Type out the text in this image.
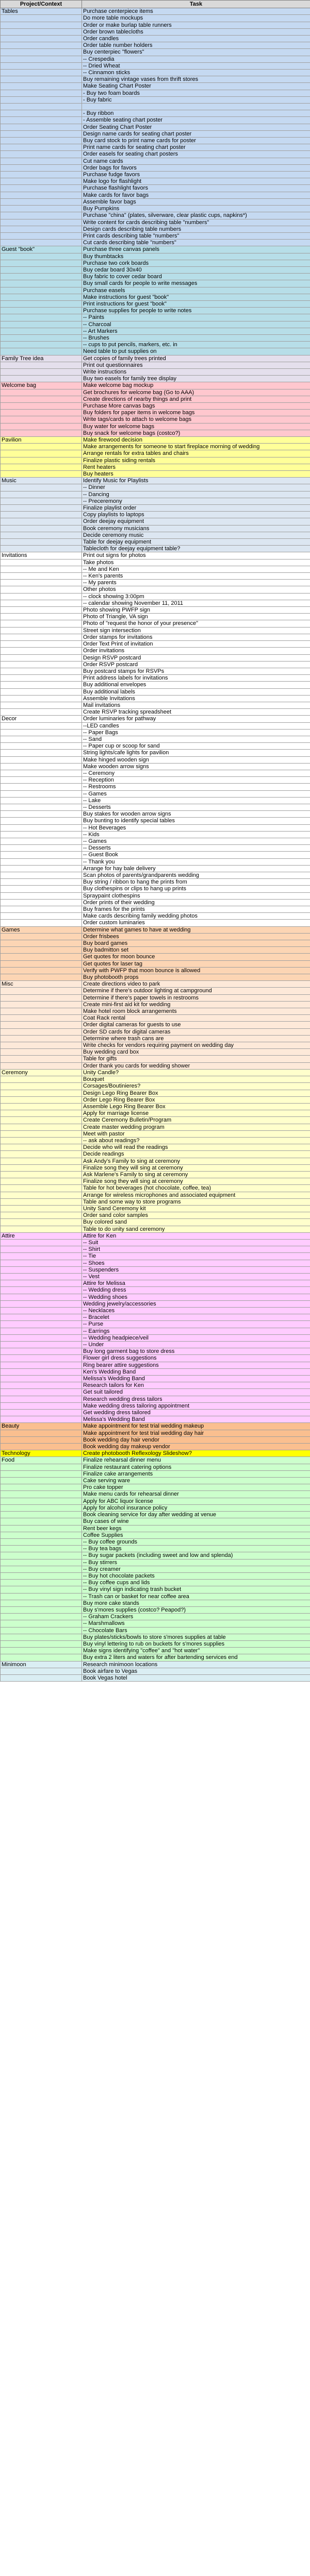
Project/Context	Task
Tables	Purchase centerpiece items
	Do more table mockups
	Order or make burlap table runners
	Order brown tablecloths
	Order candles
	Order table number holders
	Buy centerpiec "flowers"
	-- Crespedia
	-- Dried Wheat
	-- Cinnamon sticks
	Buy remaining vintage vases from thrift stores
	Make Seating Chart Poster
	- Buy two foam boards
	- Buy fabric

	- Buy ribbon
	- Assemble seating chart poster
	Order Seating Chart Poster
	Design name cards for seating chart poster
	Buy card stock to print name cards for poster
	Print name cards for seating chart poster
	Order easels for seating chart posters
	Cut name cards
	Order bags for favors
	Purchase fudge favors
	Make logo for flashlight
	Purchase flashlight favors
	Make cards for favor bags
	Assemble favor bags
	Buy Pumpkins
	Purchase "china" (plates, silverware, clear plastic cups, napkins*)
	Write content for cards describing table "numbers"
	Design cards describing table numbers
	Print cards describing table "numbers"
	Cut cards describing table "numbers"
Guest "book"	Purchase three canvas panels
	Buy thumbtacks
	Purchase two cork boards
	Buy cedar board 30x40
	Buy fabric to cover cedar board
	Buy small cards for people to write messages
	Purchase easels
	Make instructions for guest "book"
	Print instructions for guest "book"
	Purchase supplies for people to write notes
	-- Paints
	-- Charcoal
	-- Art Markers
	-- Brushes
	-- cups to put pencils, markers, etc. in
	Need table to put supplies on
Family Tree idea	Get copies of family trees printed
	Print out questionnaires
	Write instructions
	Buy two easels for family tree display
Welcome bag	Make welcome bag mockup
	Get brochures for welcome bag (Go to AAA)
	Create directions of nearby things and print
	Purchase More canvas bags
	Buy folders for paper items in welcome bags
	Write tags/cards to attach to welcome bags
	Buy water for welcome bags
	Buy snack for welcome bags (costco?)
Pavilion	Make firewood decision
	Make arrangements for someone to start fireplace morning of wedding
	Arrange rentals for extra tables and chairs
	Finalize plastic siding rentals
	Rent heaters
	Buy heaters
Music	Identify Music for Playlists
	-- Dinner
	-- Dancing
	-- Preceremony
	Finalize playlist order
	Copy playlists to laptops
	Order deejay equipment
	Book ceremony musicians
	Decide ceremony music
	Table for deejay equipment
	Tablecloth for deejay equipment table?
Invitations	Print out signs for photos
	Take photos
	-- Me and Ken
	-- Ken's parents
	-- My parents
	Other photos
	-- clock showing 3:00pm
	-- calendar showing November 11, 2011
	Photo showing PWFP sign
	Photo of Triangle, VA sign
	Photo of "request the honor of your presence"
	Street sign intersection
	Order stamps for invitations
	Order Text Print of invitation
	Order invitations
	Design RSVP postcard
	Order RSVP postcard
	Buy postcard stamps for RSVPs
	Print address labels for invitations
	Buy additional envelopes
	Buy additional labels
	Assemble Invitations
	Mail invitations
	Create RSVP tracking spreadsheet
Decor	Order luminaries for pathway
	--LED candles
	-- Paper Bags
	-- Sand
	-- Paper cup or scoop for sand
	String lights/cafe lights for pavilion
	Make hinged wooden sign
	Make wooden arrow signs
	-- Ceremony
	-- Reception
	-- Restrooms
	-- Games
	-- Lake
	-- Desserts
	Buy stakes for wooden arrow signs
	Buy bunting to identify special tables
	-- Hot Beverages
	-- Kids
	-- Games
	-- Desserts
	-- Guest Book
	-- Thank you
	Arrange for hay bale delivery
	Scan photos of parents/grandparents wedding
	Buy string / ribbon to hang the prints from
	Buy clothespins or clips to hang up prints
	Spraypaint clothespins
	Order prints of their wedding
	Buy frames for the prints
	Make cards describing family wedding photos
	Order custom luminaries
Games	Determine what games to have at wedding
	Order frisbees
	Buy board games
	Buy badmitton set
	Get quotes for moon bounce
	Get quotes for laser tag
	Verify with PWFP that moon bounce is allowed
	Buy photobooth props
Misc	Create directions video to park
	Determine if there's outdoor lighting at campground
	Determine if there's paper towels in restrooms
	Create mini-first aid kit for wedding
	Make hotel room block arrangements
	Coat Rack rental
	Order digital cameras for guests to use
	Order SD cards for digital cameras
	Determine where trash cans are
	Write checks for vendors requiring payment on wedding day
	Buy wedding card box
	Table for gifts
	Order thank you cards for wedding shower
Ceremony	Unity Candle?
	Bouquet
	Corsages/Boutinieres?
	Design Lego Ring Bearer Box
	Order Lego Ring Bearer Box
	Assemble Lego Ring Bearer Box
	Apply for marriage license
	Create Ceremony Bulletin/Program
	Create master wedding program
	Meet with pastor
	-- ask about readings?
	Decide who will read the readings
	Decide readings
	Ask Andy's Family to sing at ceremony
	Finalize song they will sing at ceremony
	Ask Marlene's Family to sing at ceremony
	Finalize song they will sing at ceremony
	Table for hot beverages (hot chocolate, coffee, tea)
	Arrange for wireless microphones and associated equipment
	Table and some way to store programs
	Unity Sand Ceremony kit
	Order sand color samples
	Buy colored sand
	Table to do unity sand ceremony
Attire	Attire for Ken
	-- Suit
	-- Shirt
	-- Tie
	-- Shoes
	-- Suspenders
	-- Vest
	Attire for Melissa
	-- Wedding dress
	-- Wedding shoes
	Wedding jewelry/accessories
	-- Necklaces
	-- Bracelet
	-- Purse
	-- Earrings
	-- Wedding headpiece/veil
	-- Under
	Buy long garment bag to store dress
	Flower girl dress suggestions
	Ring bearer attire suggestions
	Ken's Wedding Band
	Melissa's Wedding Band
	Research tailors for Ken
	Get suit tailored
	Research wedding dress tailors
	Make wedding dress tailoring appointment
	Get wedding dress tailored
	Melissa's Wedding Band
Beauty	Make appointment for test trial wedding makeup
	Make appointment for test trial wedding day hair
	Book wedding day hair vendor
	Book wedding day makeup vendor
Technology	Create photobooth Reflexology Slideshow?
Food	Finalize rehearsal dinner menu
	Finalize restaurant catering options
	Finalize cake arrangements
	Cake serving ware
	Pro cake topper
	Make menu cards for rehearsal dinner
	Apply for ABC liquor license
	Apply for alcohol insurance policy
	Book cleaning service for day after wedding at venue
	Buy cases of wine
	Rent beer kegs
	Coffee Supplies
	-- Buy coffee grounds
	-- Buy tea bags
	-- Buy sugar packets (including sweet and low and splenda)
	-- Buy stirrers
	-- Buy creamer
	-- Buy hot chocolate packets
	-- Buy coffee cups and lids
	-- Buy vinyl sign indicating trash bucket
	-- Trash can or basket for near coffee area
	Buy more cake stands
	Buy s'mores supplies (costco? Peapod?)
	-- Graham Crackers
	-- Marshmallows
	-- Chocolate Bars
	Buy plates/sticks/bowls to store s'mores supplies at table
	Buy vinyl lettering to rub on buckets for s'mores supplies
	Make signs identifying "coffee" and "hot water"
	Buy extra 2 liters and waters for after bartending services end
Minimoon	Research minimoon locations
	Book airfare to Vegas
	Book Vegas hotel
